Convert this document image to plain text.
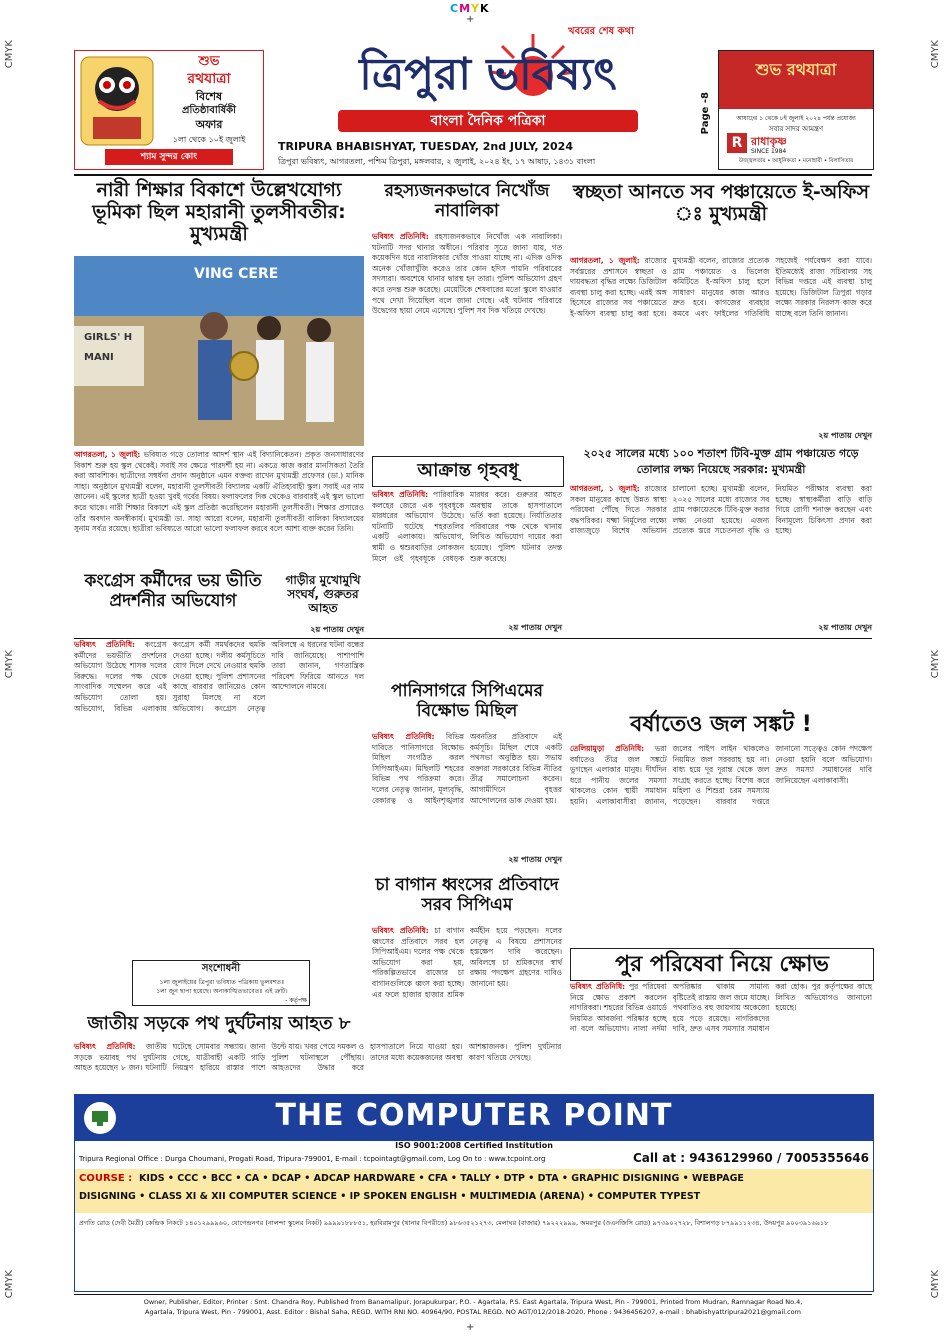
CMYK
+
+
CMYK
CMYK
CMYK
CMYK
CMYK
CMYK
শুভ
রথযাত্রা
বিশেষ
প্রতিষ্ঠাবার্ষিকী
অফার
১লা থেকে ১০ই জুলাই
শ্যাম সুন্দর কোং
খবরের শেষ কথা
ত্রিপুরা ভবিষ্যৎ
বাংলা দৈনিক পত্রিকা
TRIPURA BHABISHYAT, TUESDAY, 2nd JULY, 2024
ত্রিপুরা ভবিষ্যৎ, আগরতলা, পশ্চিম ত্রিপুরা, মঙ্গলবার, ২ জুলাই, ২০২৪ ইং, ১৭ আষাঢ়, ১৪৩১ বাংলা
Page -8
শুভ রথযাত্রা
আষাঢ়ের ১ থেকে ৮ই জুলাই ২০২৪ পর্যন্ত প্রযোজ্য
সবার সাদর আমন্ত্রণ
R রাধাকৃষ্ণ
SINCE 1984
উজ্জ্বলতার • আধুনিকতা • মনোহারী • বিলাসিতার
নারী শিক্ষার বিকাশে উল্লেখযোগ্য ভূমিকা ছিল মহারানী তুলসীবতীর: মুখ্যমন্ত্রী
VING CERE
GIRLS' H
MANI
আগরতলা, ১ জুলাই: ভবিষ্যত গড়ে তোলার আদর্শ স্থান এই বিদ্যানিকেতন। প্রকৃত জনসাধারণের বিকাশ শুরু হয় স্কুল থেকেই। সবাই সব ক্ষেত্রে পারদর্শী হয় না। একত্রে কাজ করার মানসিকতা তৈরি করা আবশ্যিক। ছাত্রীদের সম্বর্ধনা প্রদান অনুষ্ঠানে এমন বক্তব্য রাখেন মুখ্যমন্ত্রী প্রফেসর (ডা.) মানিক সাহা। অনুষ্ঠানে মুখ্যমন্ত্রী বলেন, মহারানী তুলসীবতী বিদ্যালয় একটি ঐতিহ্যবাহী স্কুল। সবাই এর নাম জানেন। এই স্কুলের ছাত্রী হওয়া খুবই গর্বের বিষয়। ফলাফলের দিক থেকেও বারবারই এই স্কুল ভালো করে থাকে। নারী শিক্ষার বিকাশে এই স্কুল প্রতিষ্ঠা করেছিলেন মহারানী তুলসীবতী। শিক্ষার প্রসারেও তাঁর অবদান অনস্বীকার্য। মুখ্যমন্ত্রী ডা. সাহা আরো বলেন, মহারানী তুলসীবতী বালিকা বিদ্যালয়ের সুনাম সর্বত্র রয়েছে। ছাত্রীরা ভবিষ্যতে আরো ভালো ফলাফল করবে বলে আশা ব্যক্ত করেন তিনি।
২য় পাতায় দেখুন
রহস্যজনকভাবে নিখোঁজ নাবালিকা
ভবিষ্যৎ প্রতিনিধি: রহস্যজনকভাবে নিখোঁজ এক নাবালিকা। ঘটনাটি সদর থানার অধীনে। পরিবার সূত্রে জানা যায়, গত কয়েকদিন ধরে নাবালিকার খোঁজ পাওয়া যাচ্ছে না। এদিক ওদিক অনেক খোঁজাখুঁজি করেও তার কোন হদিস পায়নি পরিবারের সদস্যরা। অবশেষে থানার দ্বারস্থ হন তারা। পুলিশ অভিযোগ গ্রহণ করে তদন্ত শুরু করেছে। মেয়েটিকে শেষবারের মতো স্কুলে যাওয়ার পথে দেখা গিয়েছিল বলে জানা গেছে। এই ঘটনায় পরিবারে উদ্বেগের ছায়া নেমে এসেছে। পুলিশ সব দিক খতিয়ে দেখছে।
স্বচ্ছতা আনতে সব পঞ্চায়েতে ই-অফিস ঃ মুখ্যমন্ত্রী
আগরতলা, ১ জুলাই: রাজ্যের সর্বস্তরের প্রশাসনে স্বচ্ছতা ও দায়বদ্ধতা বৃদ্ধির লক্ষ্যে ডিজিটাল ব্যবস্থা চালু করা হচ্ছে। এরই অঙ্গ হিসেবে রাজ্যের সব পঞ্চায়েতে ই-অফিস ব্যবস্থা চালু করা হবে। মুখ্যমন্ত্রী বলেন, রাজ্যের প্রত্যেক গ্রাম পঞ্চায়েত ও ভিলেজ কমিটিতে ই-অফিস চালু হলে সাধারণ মানুষের কাজ আরও দ্রুত হবে। কাগজের ব্যবহার কমবে এবং ফাইলের গতিবিধি সহজেই পর্যবেক্ষণ করা যাবে। ইতিমধ্যেই রাজ্য সচিবালয় সহ বিভিন্ন দপ্তরে এই ব্যবস্থা চালু হয়েছে। ডিজিটাল ত্রিপুরা গড়ার লক্ষ্যে সরকার নিরলস কাজ করে যাচ্ছে বলে তিনি জানান।
২য় পাতায় দেখুন
আক্রান্ত গৃহবধূ
ভবিষ্যৎ প্রতিনিধি: পারিবারিক কলহের জেরে এক গৃহবধূকে মারধরের অভিযোগ উঠেছে। ঘটনাটি ঘটেছে শহরতলির একটি এলাকায়। অভিযোগ, স্বামী ও শ্বশুরবাড়ির লোকজন মিলে ওই গৃহবধূকে বেধড়ক মারধর করে। গুরুতর আহত অবস্থায় তাকে হাসপাতালে ভর্তি করা হয়েছে। নির্যাতিতার পরিবারের পক্ষ থেকে থানায় লিখিত অভিযোগ দায়ের করা হয়েছে। পুলিশ ঘটনার তদন্ত শুরু করেছে।
২য় পাতায় দেখুন
২০২৫ সালের মধ্যে ১০০ শতাংশ টিবি-মুক্ত গ্রাম পঞ্চায়েত গড়ে তোলার লক্ষ্য নিয়েছে সরকার: মুখ্যমন্ত্রী
আগরতলা, ১ জুলাই: রাজ্যের সকল মানুষের কাছে উন্নত স্বাস্থ্য পরিষেবা পৌঁছে দিতে সরকার বদ্ধপরিকর। যক্ষ্মা নির্মূলের লক্ষ্যে রাজ্যজুড়ে বিশেষ অভিযান চালানো হচ্ছে। মুখ্যমন্ত্রী বলেন, ২০২৫ সালের মধ্যে রাজ্যের সব গ্রাম পঞ্চায়েতকে টিবি-মুক্ত করার লক্ষ্য নেওয়া হয়েছে। এজন্য প্রত্যেক স্তরে সচেতনতা বৃদ্ধি ও নিয়মিত পরীক্ষার ব্যবস্থা করা হচ্ছে। স্বাস্থ্যকর্মীরা বাড়ি বাড়ি গিয়ে রোগী শনাক্ত করছেন এবং বিনামূল্যে চিকিৎসা প্রদান করা হচ্ছে।
২য় পাতায় দেখুন
কংগ্রেস কর্মীদের ভয় ভীতি প্রদর্শনীর অভিযোগ
ভবিষ্যৎ প্রতিনিধি: কংগ্রেস কর্মীদের ভয়ভীতি প্রদর্শনের অভিযোগ উঠেছে শাসক দলের বিরুদ্ধে। দলের পক্ষ থেকে সাংবাদিক সম্মেলন করে এই অভিযোগ তোলা হয়। অভিযোগ, বিভিন্ন এলাকায় কংগ্রেস কর্মী সমর্থকদের হুমকি দেওয়া হচ্ছে। দলীয় কর্মসূচিতে যোগ দিলে দেখে নেওয়ার হুমকি দেওয়া হচ্ছে। পুলিশ প্রশাসনের কাছে বারবার জানিয়েও কোন সুরাহা মিলছে না বলে অভিযোগ। কংগ্রেস নেতৃত্ব অবিলম্বে এ ধরনের ঘটনা বন্ধের দাবি জানিয়েছে। পাশাপাশি তারা জানান, গণতান্ত্রিক পরিবেশ ফিরিয়ে আনতে দল আন্দোলনে নামবে।
গাড়ীর মুখোমুখি সংঘর্ষ, গুরুতর আহত
পানিসাগরে সিপিএমের বিক্ষোভ মিছিল
ভবিষ্যৎ প্রতিনিধি: বিভিন্ন দাবিতে পানিসাগরে বিক্ষোভ মিছিল সংগঠিত করল সিপিআইএম। মিছিলটি শহরের বিভিন্ন পথ পরিক্রমা করে। দলের নেতৃত্ব জানান, মূল্যবৃদ্ধি, বেকারত্ব ও আইনশৃঙ্খলার অবনতির প্রতিবাদে এই কর্মসূচি। মিছিল শেষে একটি পথসভা অনুষ্ঠিত হয়। সভায় বক্তারা সরকারের বিভিন্ন নীতির তীব্র সমালোচনা করেন। আগামীদিনে বৃহত্তর আন্দোলনের ডাক দেওয়া হয়।
২য় পাতায় দেখুন
বর্ষাতেও জল সঙ্কট !
তেলিয়ামুড়া প্রতিনিধি: ভরা বর্ষাতেও তীব্র জল সঙ্কটে ভুগছেন এলাকার মানুষ। দীর্ঘদিন ধরে পানীয় জলের সমস্যা থাকলেও কোন স্থায়ী সমাধান হয়নি। এলাকাবাসীরা জানান, জলের পাইপ লাইন থাকলেও নিয়মিত জল সরবরাহ হয় না। বাধ্য হয়ে দূর দূরান্ত থেকে জল সংগ্রহ করতে হচ্ছে। বিশেষ করে মহিলা ও শিশুরা চরম সমস্যায় পড়েছেন। বারবার দপ্তরে জানানো সত্ত্বেও কোন পদক্ষেপ নেওয়া হয়নি বলে অভিযোগ। দ্রুত সমস্যা সমাধানের দাবি জানিয়েছেন এলাকাবাসী।
চা বাগান ধ্বংসের প্রতিবাদে সরব সিপিএম
ভবিষ্যৎ প্রতিনিধি: চা বাগান ধ্বংসের প্রতিবাদে সরব হল সিপিআইএম। দলের পক্ষ থেকে অভিযোগ করা হয়, পরিকল্পিতভাবে রাজ্যের চা বাগানগুলিকে ধ্বংস করা হচ্ছে। এর ফলে হাজার হাজার শ্রমিক কর্মহীন হয়ে পড়ছেন। দলের নেতৃত্ব এ বিষয়ে প্রশাসনের হস্তক্ষেপ দাবি করেছেন। অবিলম্বে চা শ্রমিকদের স্বার্থ রক্ষায় পদক্ষেপ গ্রহণের দাবিও জানানো হয়।
পুর পরিষেবা নিয়ে ক্ষোভ
ভবিষ্যৎ প্রতিনিধি: পুর পরিষেবা নিয়ে ক্ষোভ প্রকাশ করলেন নাগরিকরা। শহরের বিভিন্ন ওয়ার্ডে নিয়মিত আবর্জনা পরিষ্কার হচ্ছে না বলে অভিযোগ। নালা নর্দমা অপরিষ্কার থাকায় সামান্য বৃষ্টিতেই রাস্তায় জল জমে যাচ্ছে। পথবাতিও বহু জায়গায় অকেজো হয়ে পড়ে রয়েছে। নাগরিকদের দাবি, দ্রুত এসব সমস্যার সমাধান করা হোক। পুর কর্তৃপক্ষের কাছে লিখিত অভিযোগও জানানো হয়েছে।
সংশোধনী
১লা জুলাইয়ের ত্রিপুরা ভবিষ্যত পত্রিকায় ভুলবশতঃ
১লা জুন ছাপা হয়েছে। অনাকাঙ্খিতভাবেতঃ এই ত্রুটি।
- কর্তৃপক্ষ
জাতীয় সড়কে পথ দুর্ঘটনায় আহত ৮
ভবিষ্যৎ প্রতিনিধি: জাতীয় সড়কে ভয়াবহ পথ দুর্ঘটনায় আহত হয়েছেন ৮ জন। ঘটনাটি ঘটেছে সোমবার সন্ধ্যায়। জানা গেছে, যাত্রীবাহী একটি গাড়ি নিয়ন্ত্রণ হারিয়ে রাস্তার পাশে উল্টে যায়। খবর পেয়ে দমকল ও পুলিশ ঘটনাস্থলে পৌঁছায়। আহতদের উদ্ধার করে হাসপাতালে নিয়ে যাওয়া হয়। তাদের মধ্যে কয়েকজনের অবস্থা আশঙ্কাজনক। পুলিশ দুর্ঘটনার কারণ খতিয়ে দেখছে।
THE COMPUTER POINT
ISO 9001:2008 Certified Institution
Tripura Regional Office : Durga Choumani, Progati Road, Tripura-799001, E-mail : tcpointagt@gmail.com, Log On to : www.tcpoint.org	Call at : 9436129960 / 7005355646
COURSE : KIDS • CCC • BCC • CA • DCAP • ADCAP HARDWARE • CFA • TALLY • DTP • DTA • GRAPHIC DISIGNING • WEBPAGE
DISIGNING • CLASS XI & XII COMPUTER SCIENCE • IP SPOKEN ENGLISH • MULTIMEDIA (ARENA) • COMPUTER TYPEST
প্রগতি রোড (দেবী মৈত্রী) কেন্দ্রিক নিকটে ১৪০১২৯৯৯৬০, যোগেন্দ্রনগর (নালন্দা স্কুলের নিকট) ৯৯৯৯১৮৮৮৫১, হরবিরামপুর (থানার বিপরীতে) ৯৮৬৩৫২১২৭৩, মেলাঘর (বাজার) ৭৯২২২৯৯৯, অমরপুর (ওএনজিসি রোড) ৯৭৩৯০২৭২৮, বিশালগড় ৮৭৯৯১১২৩৪, উদয়পুর ৯০০৩৯১৬৯১৮
Owner, Publisher, Editor, Printer : Smt. Chandra Roy, Published from Banamalipur, Jorapukurpar, P.O. - Agartala, P.S. East Agartala, Tripura West, Pin - 799001, Printed from Mudran, Ramnagar Road No.4,
Agartala, Tripura West, Pin - 799001, Asst. Editor : Bishal Saha, REGD. WITH RNI NO. 40964/90, POSTAL REGD. NO AGT/012/2018-2020, Phone : 9436456207, e-mail : bhabishyattripura2021@gmail.com
